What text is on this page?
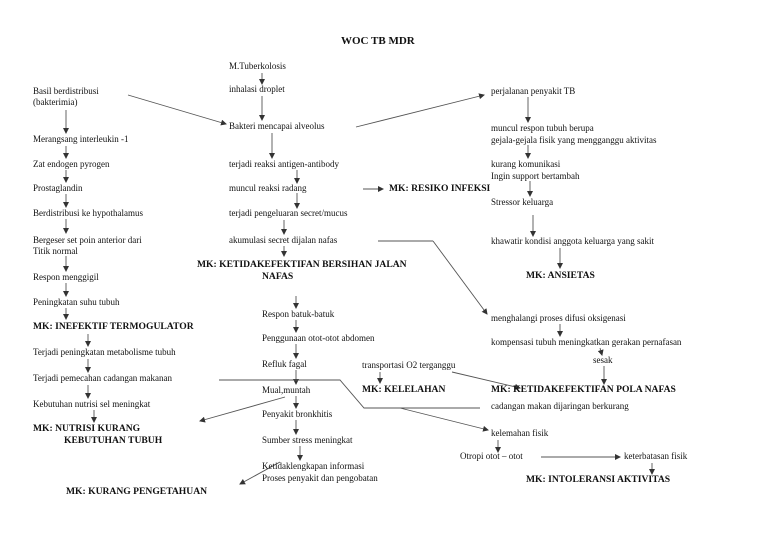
WOC TB MDR
M.Tuberkolosis
inhalasi droplet
Bakteri mencapai alveolus
terjadi reaksi antigen-antibody
muncul reaksi radang
terjadi pengeluaran secret/mucus
akumulasi secret dijalan nafas
Respon batuk-batuk
Penggunaan otot-otot abdomen
Refluk fagal
Mual,muntah
Penyakit bronkhitis
Sumber stress meningkat
Ketidaklengkapan informasi
Proses penyakit dan pengobatan
transportasi O2 terganggu
Basil berdistribusi
(bakterimia)
Merangsang interleukin -1
Zat endogen pyrogen
Prostaglandin
Berdistribusi ke hypothalamus
Bergeser set poin anterior dari
Titik normal
Respon menggigil
Peningkatan suhu tubuh
Terjadi peningkatan metabolisme tubuh
Terjadi pemecahan cadangan makanan
Kebutuhan nutrisi sel meningkat
perjalanan penyakit TB
muncul respon tubuh berupa
gejala-gejala fisik yang mengganggu aktivitas
kurang komunikasi
Ingin support bertambah
Stressor keluarga
khawatir kondisi anggota keluarga yang sakit
menghalangi proses difusi oksigenasi
kompensasi tubuh meningkatkan gerakan pernafasan
sesak
cadangan makan dijaringan berkurang
kelemahan fisik
Otropi otot – otot	keterbatasan fisik
MK: RESIKO INFEKSI
MK: KETIDAKEFEKTIFAN BERSIHAN JALAN
NAFAS
MK: INEFEKTIF TERMOGULATOR
MK: NUTRISI KURANG
KEBUTUHAN TUBUH
MK: KURANG PENGETAHUAN
MK: ANSIETAS
MK: KELELAHAN	MK: KETIDAKEFEKTIFAN POLA NAFAS
MK: INTOLERANSI AKTIVITAS
